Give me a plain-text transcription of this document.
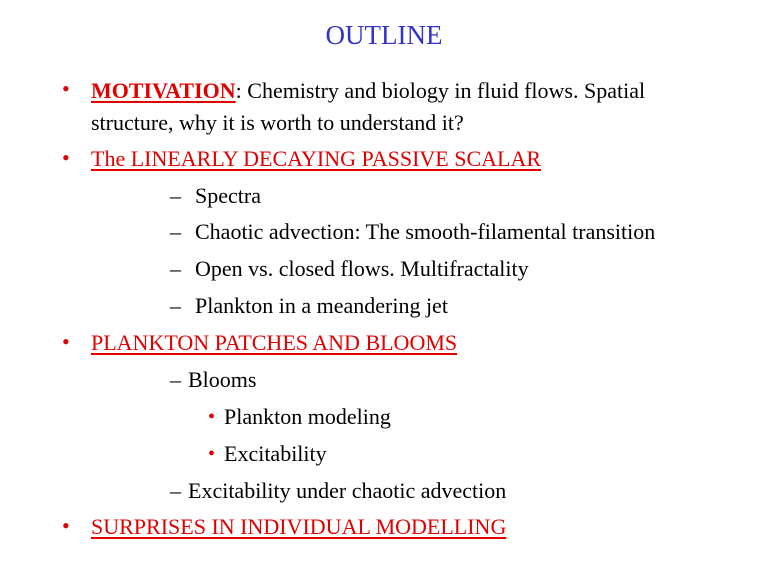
OUTLINE
• MOTIVATION: Chemistry and biology in fluid flows. Spatial
structure, why it is worth to understand it?
• The LINEARLY DECAYING PASSIVE SCALAR
– Spectra
– Chaotic advection: The smooth-filamental transition
– Open vs. closed flows. Multifractality
– Plankton in a meandering jet
• PLANKTON PATCHES AND BLOOMS
– Blooms
• Plankton modeling
• Excitability
– Excitability under chaotic advection
• SURPRISES IN INDIVIDUAL MODELLING
